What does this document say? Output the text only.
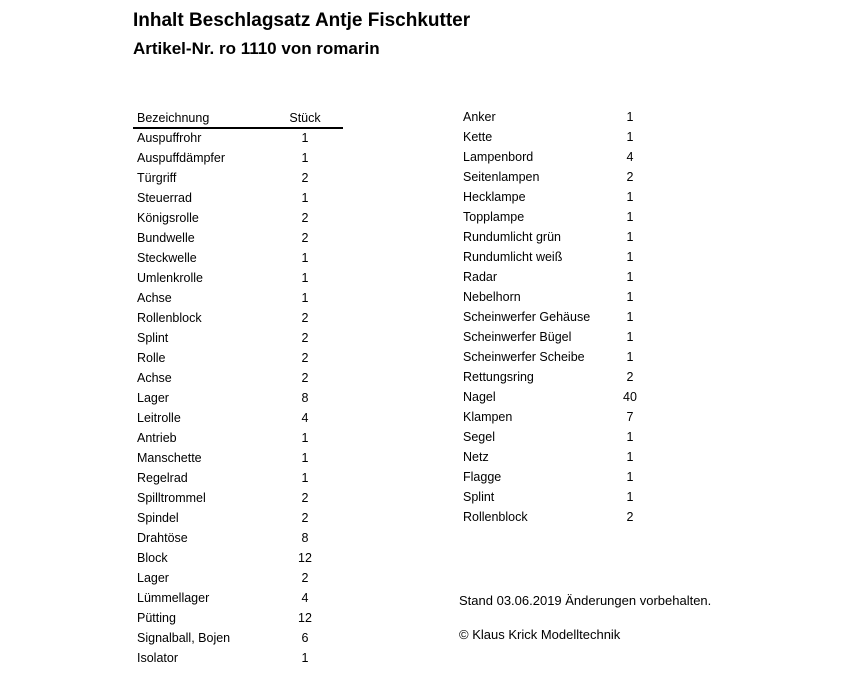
Inhalt Beschlagsatz Antje Fischkutter
Artikel-Nr. ro 1110 von romarin
Bezeichnung	Stück
Auspuffrohr	1
Auspuffdämpfer	1
Türgriff	2
Steuerrad	1
Königsrolle	2
Bundwelle	2
Steckwelle	1
Umlenkrolle	1
Achse	1
Rollenblock	2
Splint	2
Rolle	2
Achse	2
Lager	8
Leitrolle	4
Antrieb	1
Manschette	1
Regelrad	1
Spilltrommel	2
Spindel	2
Drahtöse	8
Block	12
Lager	2
Lümmellager	4
Pütting	12
Signalball, Bojen	6
Isolator	1
Anker	1
Kette	1
Lampenbord	4
Seitenlampen	2
Hecklampe	1
Topplampe	1
Rundumlicht grün	1
Rundumlicht weiß	1
Radar	1
Nebelhorn	1
Scheinwerfer Gehäuse	1
Scheinwerfer Bügel	1
Scheinwerfer Scheibe	1
Rettungsring	2
Nagel	40
Klampen	7
Segel	1
Netz	1
Flagge	1
Splint	1
Rollenblock	2
Stand 03.06.2019 Änderungen vorbehalten.
© Klaus Krick Modelltechnik
